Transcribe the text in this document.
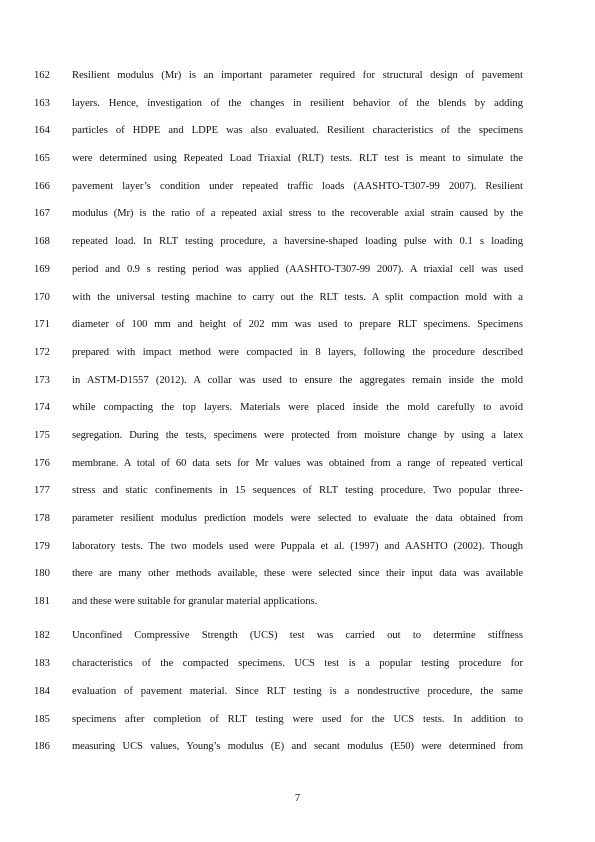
162	Resilient modulus (Mr) is an important parameter required for structural design of pavement
163	layers. Hence, investigation of the changes in resilient behavior of the blends by adding
164	particles of HDPE and LDPE was also evaluated. Resilient characteristics of the specimens
165	were determined using Repeated Load Triaxial (RLT) tests. RLT test is meant to simulate the
166	pavement layer’s condition under repeated traffic loads (AASHTO-T307-99 2007). Resilient
167	modulus (Mr) is the ratio of a repeated axial stress to the recoverable axial strain caused by the
168	repeated load. In RLT testing procedure, a haversine-shaped loading pulse with 0.1 s loading
169	period and 0.9 s resting period was applied (AASHTO-T307-99 2007). A triaxial cell was used
170	with the universal testing machine to carry out the RLT tests. A split compaction mold with a
171	diameter of 100 mm and height of 202 mm was used to prepare RLT specimens. Specimens
172	prepared with impact method were compacted in 8 layers, following the procedure described
173	in ASTM-D1557 (2012). A collar was used to ensure the aggregates remain inside the mold
174	while compacting the top layers. Materials were placed inside the mold carefully to avoid
175	segregation. During the tests, specimens were protected from moisture change by using a latex
176	membrane. A total of 60 data sets for Mr values was obtained from a range of repeated vertical
177	stress and static confinements in 15 sequences of RLT testing procedure. Two popular three-
178	parameter resilient modulus prediction models were selected to evaluate the data obtained from
179	laboratory tests. The two models used were Puppala et al. (1997) and AASHTO (2002). Though
180	there are many other methods available, these were selected since their input data was available
181	and these were suitable for granular material applications.
182	Unconfined Compressive Strength (UCS) test was carried out to determine stiffness
183	characteristics of the compacted specimens. UCS test is a popular testing procedure for
184	evaluation of pavement material. Since RLT testing is a nondestructive procedure, the same
185	specimens after completion of RLT testing were used for the UCS tests. In addition to
186	measuring UCS values, Young’s modulus (E) and secant modulus (E50) were determined from
7
